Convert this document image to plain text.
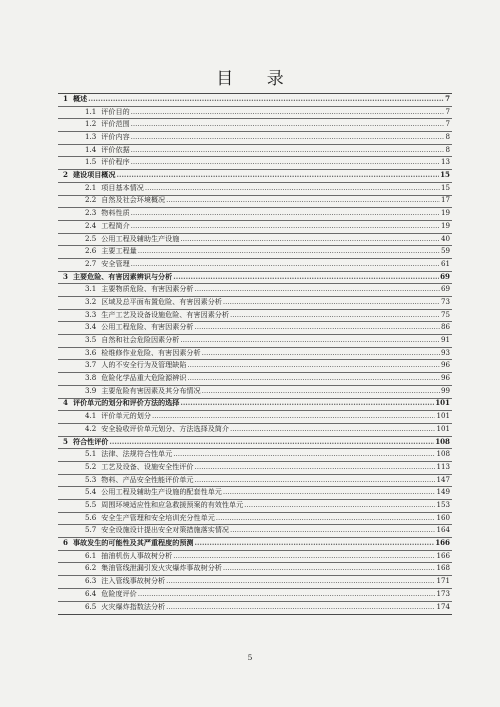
目 录
1 概述 .....	7
1.1 评价目的 .....	7
1.2 评价范围 .....	7
1.3 评价内容 .....	8
1.4 评价依据 .....	8
1.5 评价程序 .....	13
2 建设项目概况 .....	15
2.1 项目基本情况 .....	15
2.2 自然及社会环境概况 .....	17
2.3 物料性质 .....	19
2.4 工程简介 .....	19
2.5 公用工程及辅助生产设施 .....	40
2.6 主要工程量 .....	59
2.7 安全管理 .....	61
3 主要危险、有害因素辨识与分析 .....	69
3.1 主要物质危险、有害因素分析 .....	69
3.2 区域及总平面布置危险、有害因素分析 .....	73
3.3 生产工艺及设备设施危险、有害因素分析 .....	75
3.4 公用工程危险、有害因素分析 .....	86
3.5 自然和社会危险因素分析 .....	91
3.6 检维修作业危险、有害因素分析 .....	93
3.7 人的不安全行为及管理缺陷 .....	96
3.8 危险化学品重大危险源辨识 .....	96
3.9 主要危险有害因素及其分布情况 .....	99
4 评价单元的划分和评价方法的选择 .....	101
4.1 评价单元的划分 .....	101
4.2 安全验收评价单元划分、方法选择及简介 .....	101
5 符合性评价 .....	108
5.1 法律、法规符合性单元 .....	108
5.2 工艺及设备、设施安全性评价 .....	113
5.3 物料、产品安全性能评价单元 .....	147
5.4 公用工程及辅助生产设施的配套性单元 .....	149
5.5 周围环境适应性和应急救援预案的有效性单元 .....	153
5.6 安全生产管理和安全培训充分性单元 .....	160
5.7 安全设施设计提出安全对策措施落实情况 .....	164
6 事故发生的可能性及其严重程度的预测 .....	166
6.1 抽油机伤人事故树分析 .....	166
6.2 集油管线泄漏引发火灾爆炸事故树分析 .....	168
6.3 注入管线事故树分析 .....	171
6.4 危险度评价 .....	173
6.5 火灾爆炸指数法分析 .....	174
5
